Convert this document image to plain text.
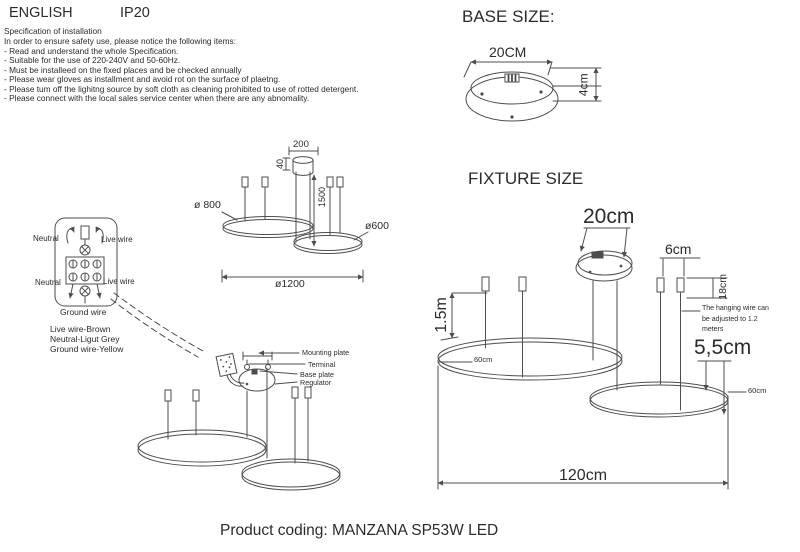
ENGLISH	IP20
Specification of installation
In order to ensure safety use, please notice the following items:
- Read and understand the whole Specification.
- Suitable for the use of 220-240V and 50-60Hz.
- Must be installeed on the fixed places and be checked annually
- Please wear gloves as installment and avoid rot on the surface of plaetng.
- Please tum off the lighitng source by soft cloth as cleaning prohibited to use of rotted detergent.
- Please connect with the local sales service center when there are any abnomality.
BASE SIZE:
20CM
4cm
200
40
1500
ø 800
ø600
ø1200
Neutral	Live wire
Neutral	Live wire
Ground wire
Live wire-Brown
Neutral-Ligut Grey
Ground wire-Yellow	Mounting plate
Terminal
Base plate
Regulator
FIXTURE SIZE
20cm
6cm
18cm
The hanging wire can be adjusted to 1.2 meters
1.5m
5,5cm
60cm
60cm
120cm
Product coding: MANZANA SP53W LED
